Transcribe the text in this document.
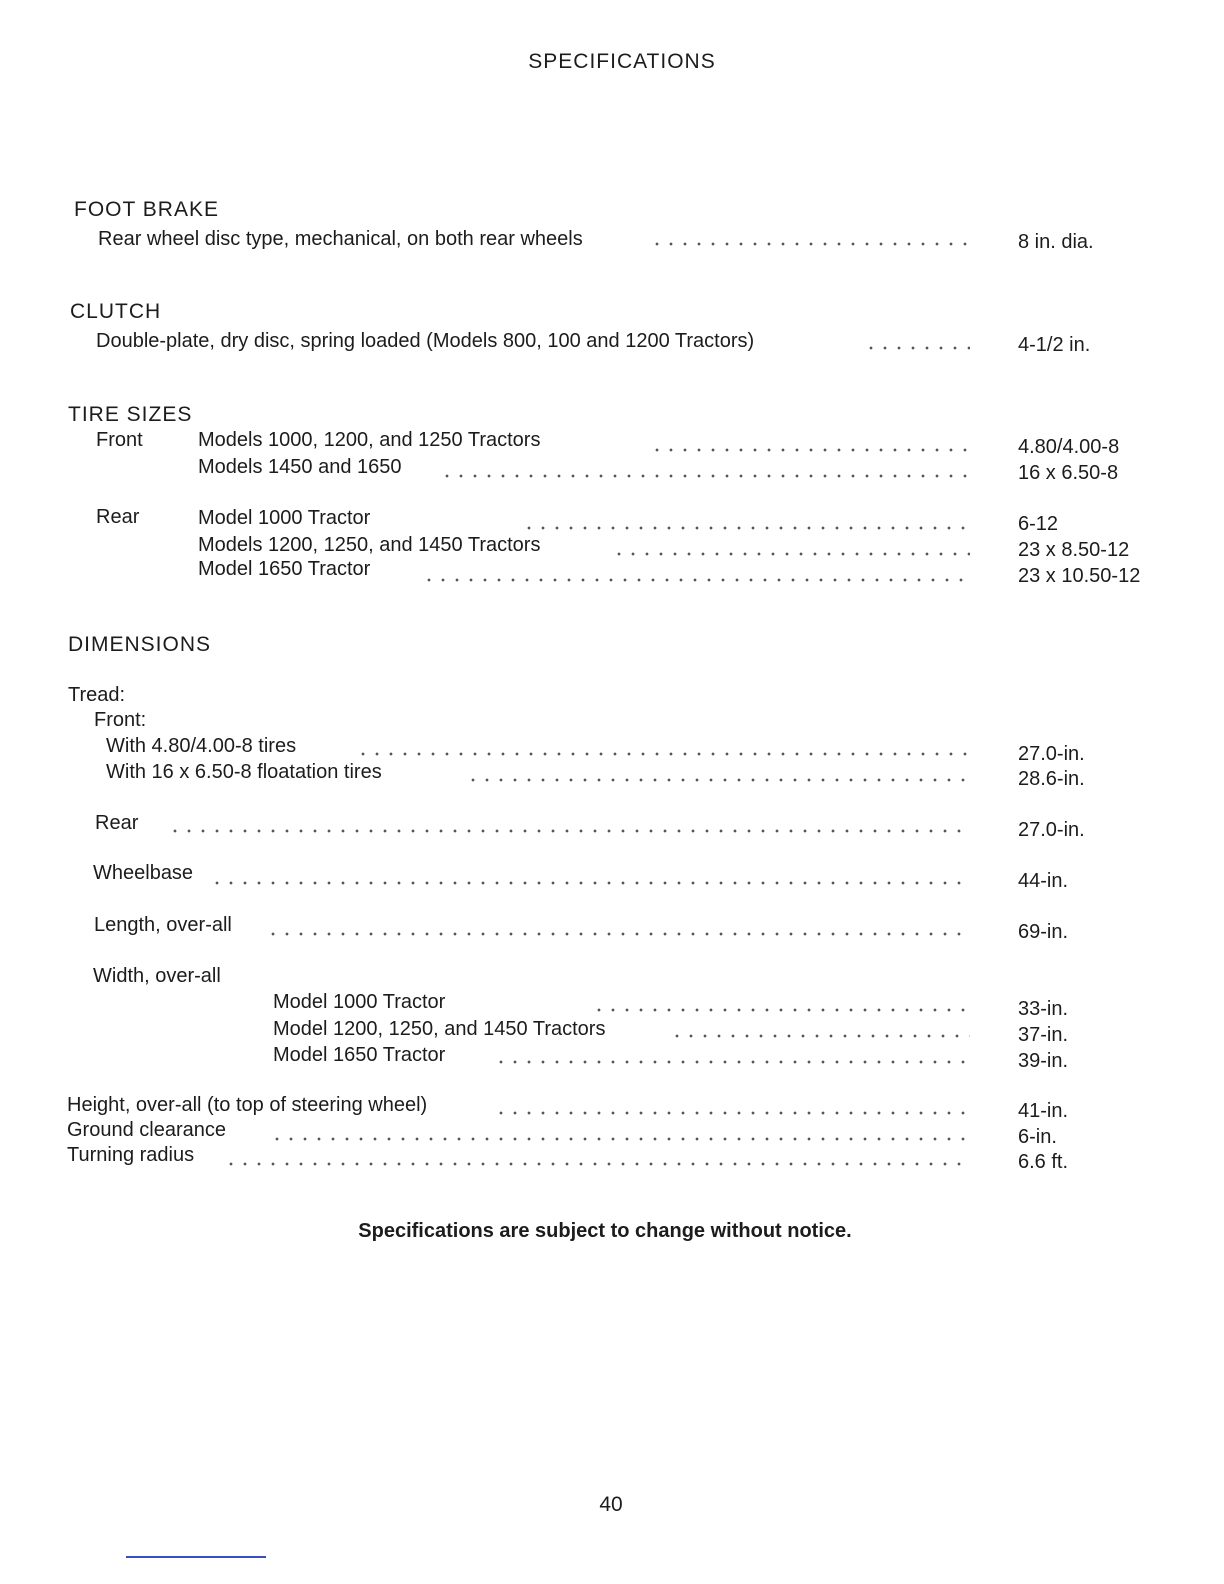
SPECIFICATIONS
FOOT BRAKE
Rear wheel disc type, mechanical, on both rear wheels	8 in. dia.
CLUTCH
Double-plate, dry disc, spring loaded (Models 800, 100 and 1200 Tractors)	4-1/2 in.
TIRE SIZES
Front	Models 1000, 1200, and 1250 Tractors	4.80/4.00-8
Models 1450 and 1650	16 x 6.50-8
Rear	Model 1000 Tractor	6-12
Models 1200, 1250, and 1450 Tractors	23 x 8.50-12
Model 1650 Tractor	23 x 10.50-12
DIMENSIONS
Tread:
Front:
With 4.80/4.00-8 tires	27.0-in.
With 16 x 6.50-8 floatation tires	28.6-in.
Rear	27.0-in.
Wheelbase	44-in.
Length, over-all	69-in.
Width, over-all
Model 1000 Tractor	33-in.
Model 1200, 1250, and 1450 Tractors	37-in.
Model 1650 Tractor	39-in.
Height, over-all (to top of steering wheel)	41-in.
Ground clearance	6-in.
Turning radius	6.6 ft.
Specifications are subject to change without notice.
40
